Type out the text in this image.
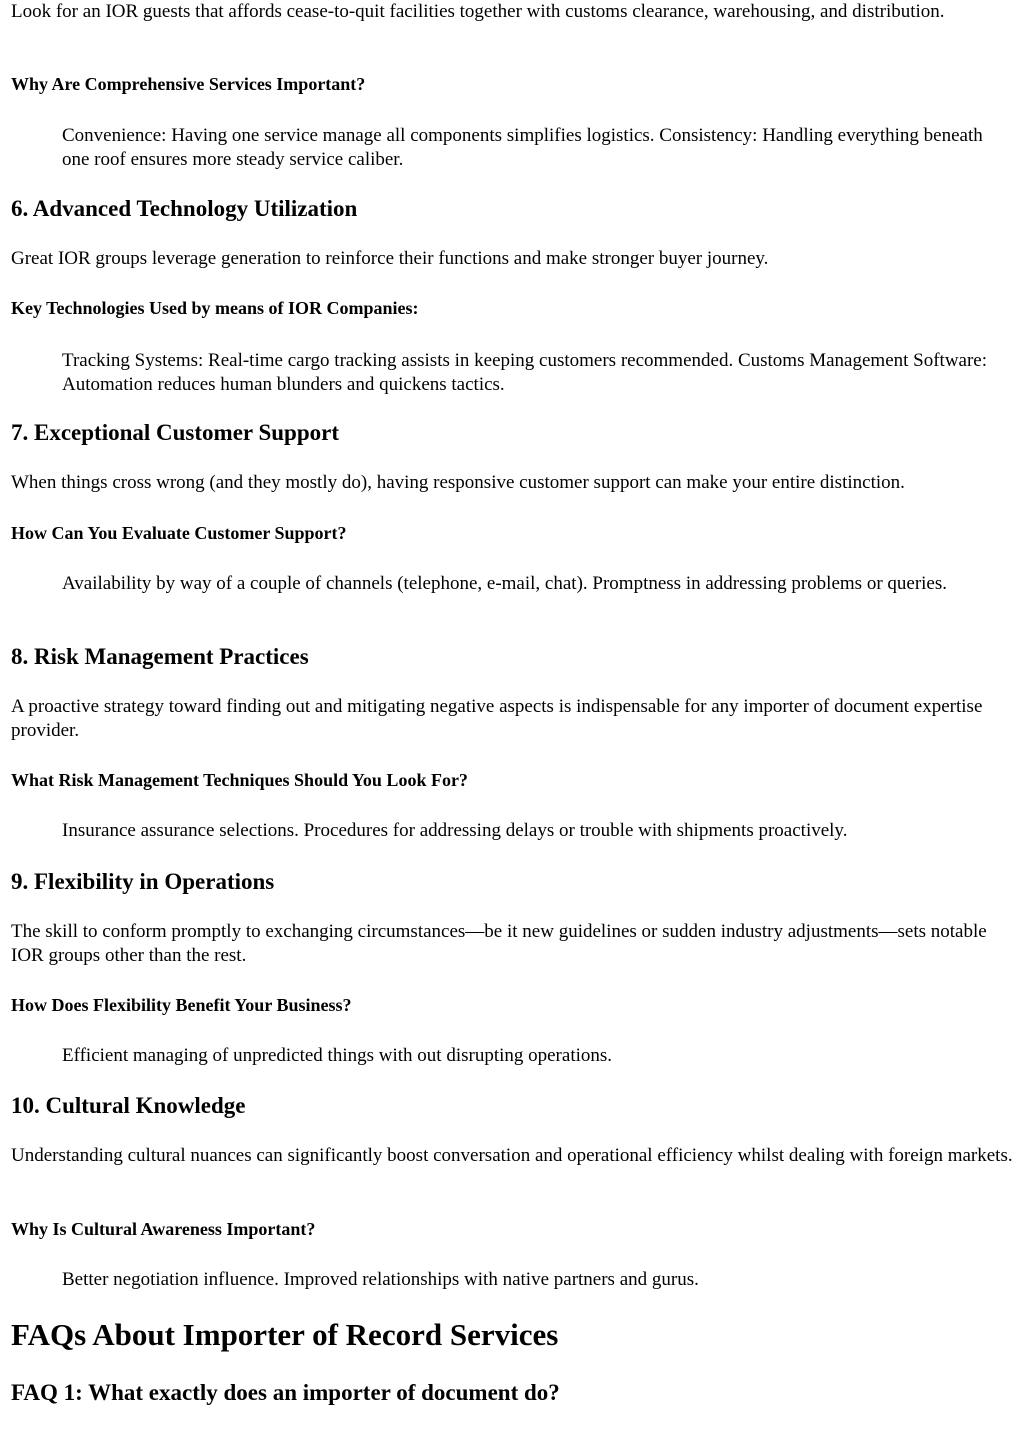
Look for an IOR guests that affords cease-to-quit facilities together with customs clearance, warehousing, and distribution.

Why Are Comprehensive Services Important?

Convenience: Having one service manage all components simplifies logistics. Consistency: Handling everything beneath one roof ensures more steady service caliber.

6. Advanced Technology Utilization

Great IOR groups leverage generation to reinforce their functions and make stronger buyer journey.

Key Technologies Used by means of IOR Companies:

Tracking Systems: Real-time cargo tracking assists in keeping customers recommended. Customs Management Software: Automation reduces human blunders and quickens tactics.

7. Exceptional Customer Support

When things cross wrong (and they mostly do), having responsive customer support can make your entire distinction.

How Can You Evaluate Customer Support?

Availability by way of a couple of channels (telephone, e-mail, chat). Promptness in addressing problems or queries.

8. Risk Management Practices

A proactive strategy toward finding out and mitigating negative aspects is indispensable for any importer of document expertise provider.

What Risk Management Techniques Should You Look For?

Insurance assurance selections. Procedures for addressing delays or trouble with shipments proactively.

9. Flexibility in Operations

The skill to conform promptly to exchanging circumstances—be it new guidelines or sudden industry adjustments—sets notable IOR groups other than the rest.

How Does Flexibility Benefit Your Business?

Efficient managing of unpredicted things with out disrupting operations.

10. Cultural Knowledge

Understanding cultural nuances can significantly boost conversation and operational efficiency whilst dealing with foreign markets.

Why Is Cultural Awareness Important?

Better negotiation influence. Improved relationships with native partners and gurus.

FAQs About Importer of Record Services
FAQ 1: What exactly does an importer of document do?
